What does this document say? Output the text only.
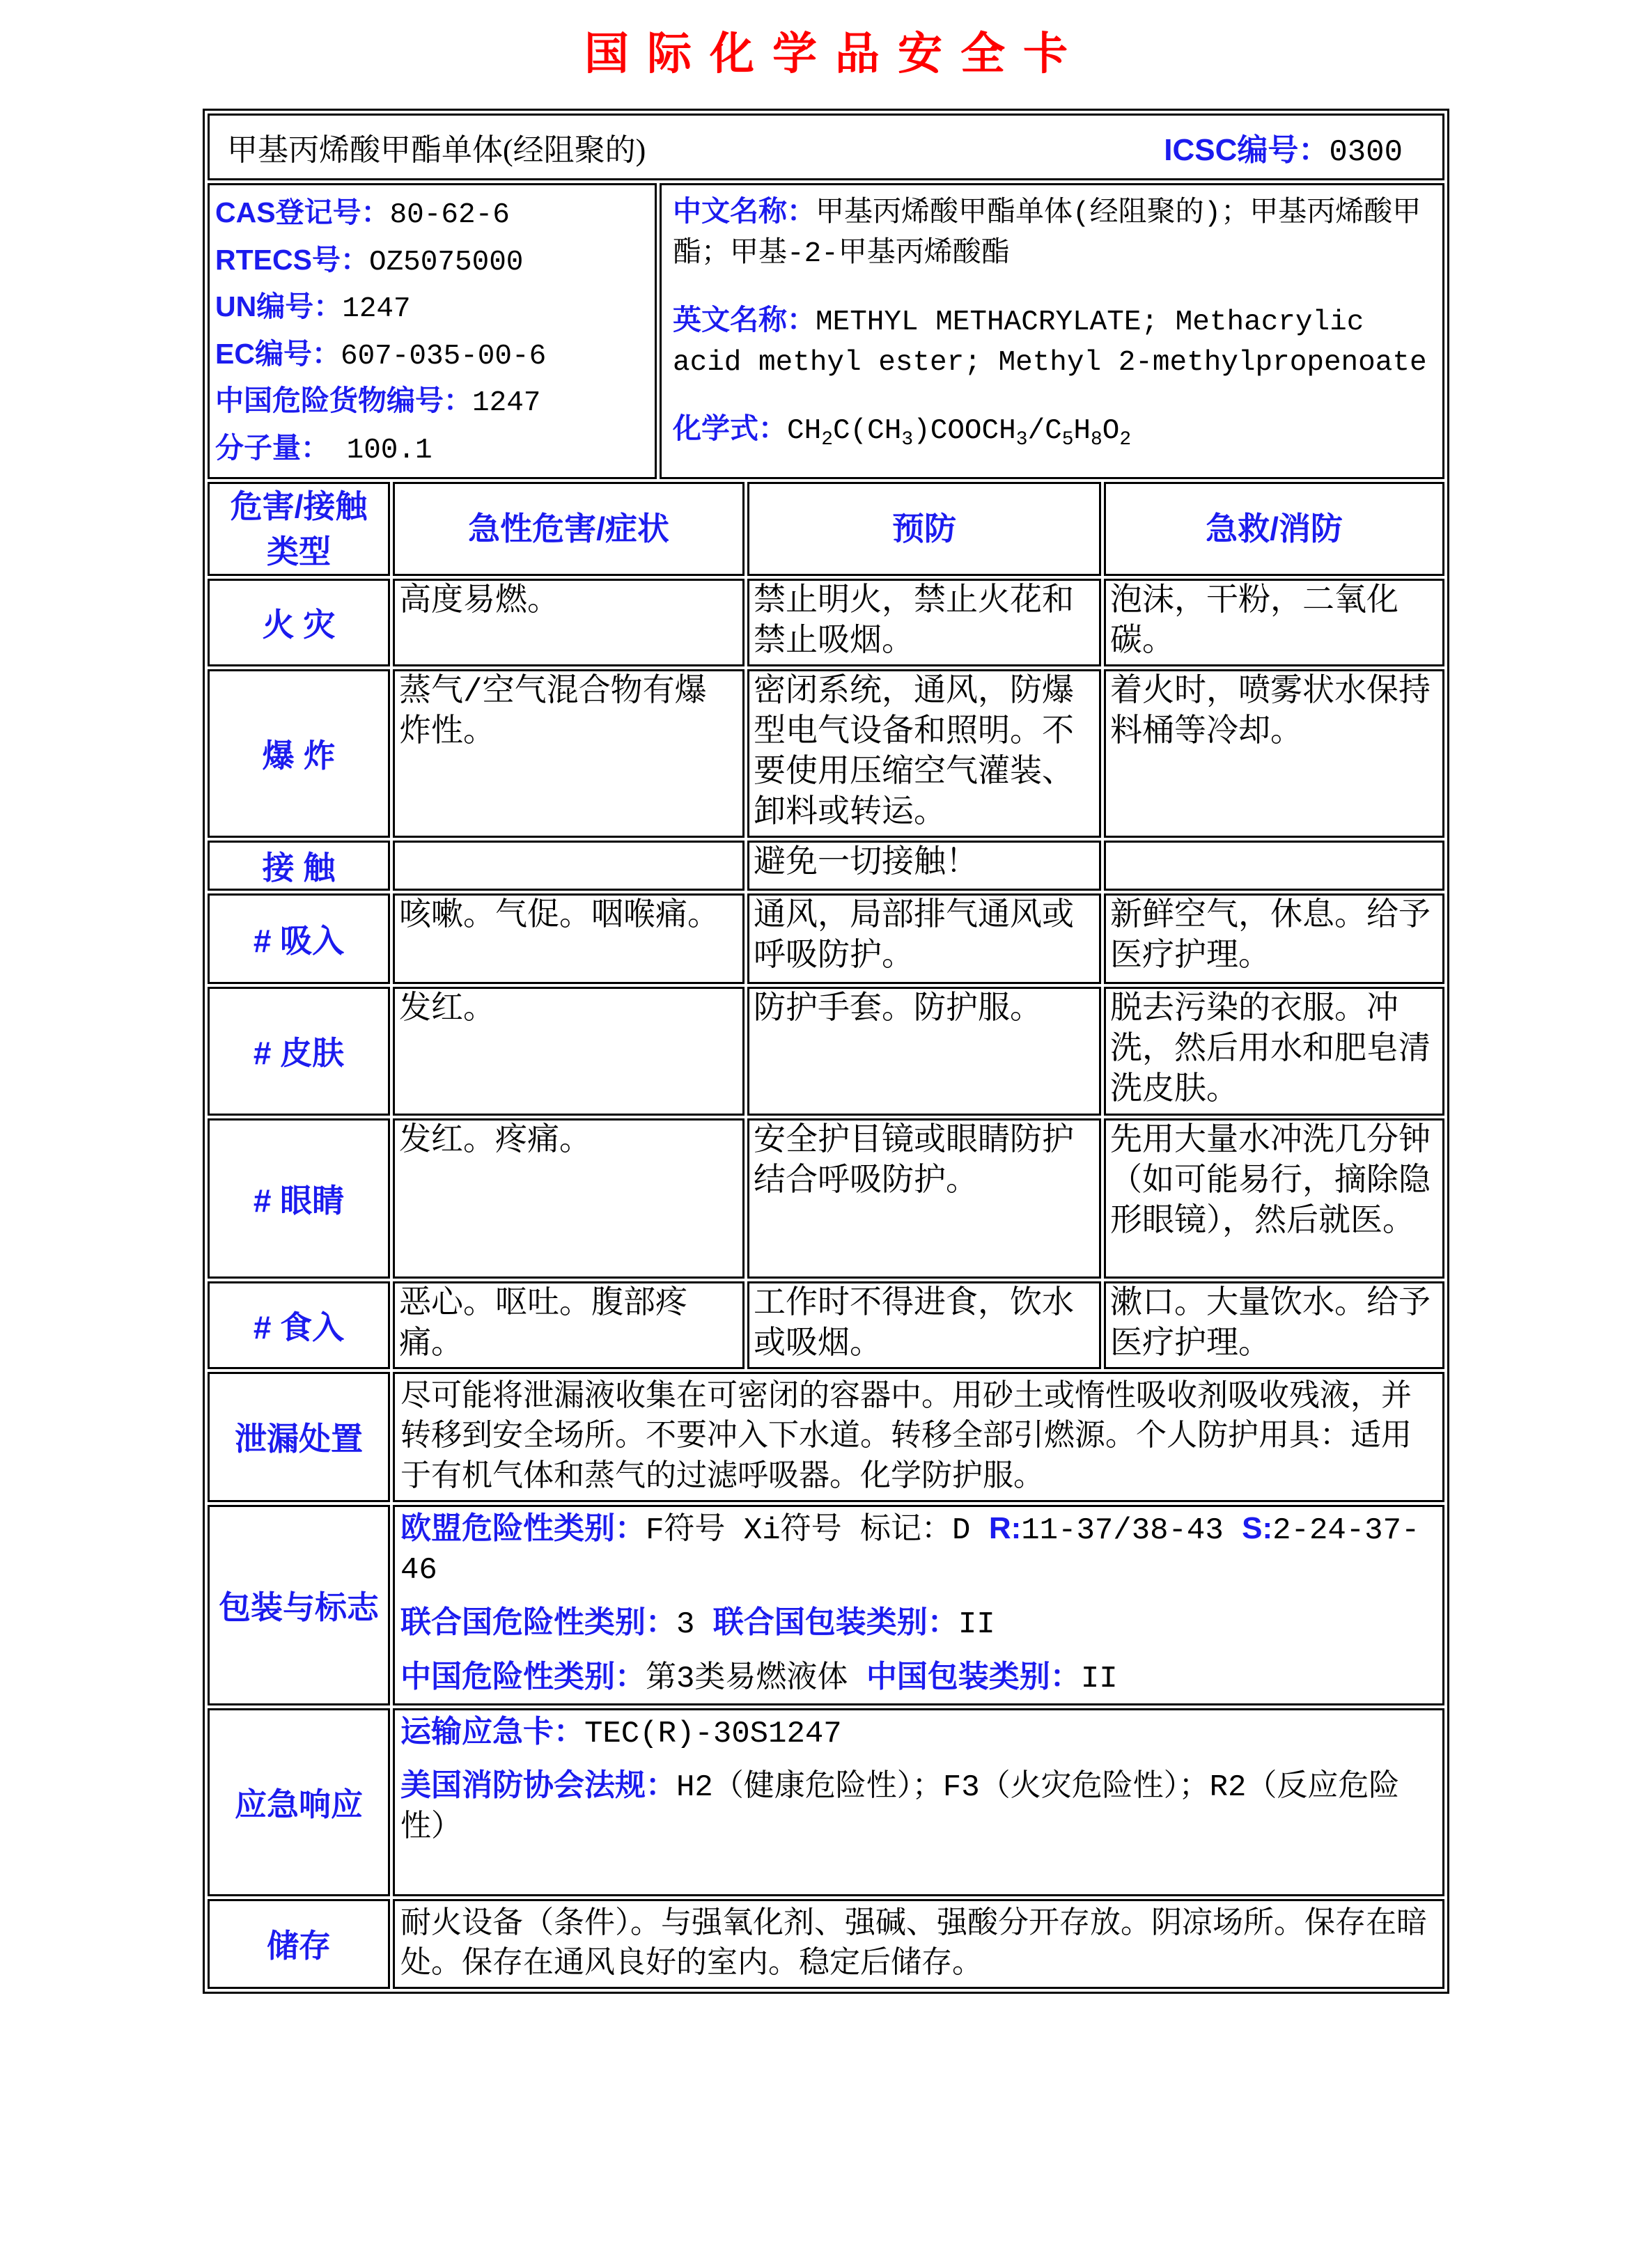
国际化学品安全卡
甲基丙烯酸甲酯单体(经阻聚的)	ICSC编号：0300
CAS登记号：80-62-6
RTECS号：OZ5075000
UN编号：1247
EC编号：607-035-00-6
中国危险货物编号：1247
分子量： 100.1

中文名称：甲基丙烯酸甲酯单体(经阻聚的)；甲基丙烯酸甲酯；甲基-2-甲基丙烯酸酯
英文名称：METHYL METHACRYLATE; Methacrylic acid methyl ester; Methyl 2-methylpropenoate
化学式：$CH_2C(CH_3)COOCH_3/C_5H_8O_2$
危害/接触类型	急性危害/症状	预防	急救/消防
火 灾	高度易燃。	禁止明火，禁止火花和禁止吸烟。	泡沫，干粉，二氧化碳。
爆 炸	蒸气/空气混合物有爆炸性。	密闭系统，通风，防爆型电气设备和照明。不要使用压缩空气灌装、卸料或转运。	着火时，喷雾状水保持料桶等冷却。
接 触		避免一切接触！	
# 吸入	咳嗽。气促。咽喉痛。	通风，局部排气通风或呼吸防护。	新鲜空气，休息。给予医疗护理。
# 皮肤	发红。	防护手套。防护服。	脱去污染的衣服。冲洗，然后用水和肥皂清洗皮肤。
# 眼睛	发红。疼痛。	安全护目镜或眼睛防护结合呼吸防护。	先用大量水冲洗几分钟（如可能易行，摘除隐形眼镜），然后就医。
# 食入	恶心。呕吐。腹部疼痛。	工作时不得进食，饮水或吸烟。	漱口。大量饮水。给予医疗护理。
泄漏处置	尽可能将泄漏液收集在可密闭的容器中。用砂土或惰性吸收剂吸收残液，并转移到安全场所。不要冲入下水道。转移全部引燃源。个人防护用具：适用于有机气体和蒸气的过滤呼吸器。化学防护服。

包装与标志	欧盟危险性类别：F符号 Xi符号 标记：D R:11-37/38-43 S:2-24-37-46
联合国危险性类别：3 联合国包装类别：II
中国危险性类别：第3类易燃液体 中国包装类别：II

应急响应	运输应急卡：TEC(R)-30S1247
美国消防协会法规：H2（健康危险性）；F3（火灾危险性）；R2（反应危险性）

储存	耐火设备（条件）。与强氧化剂、强碱、强酸分开存放。阴凉场所。保存在暗处。保存在通风良好的室内。稳定后储存。
